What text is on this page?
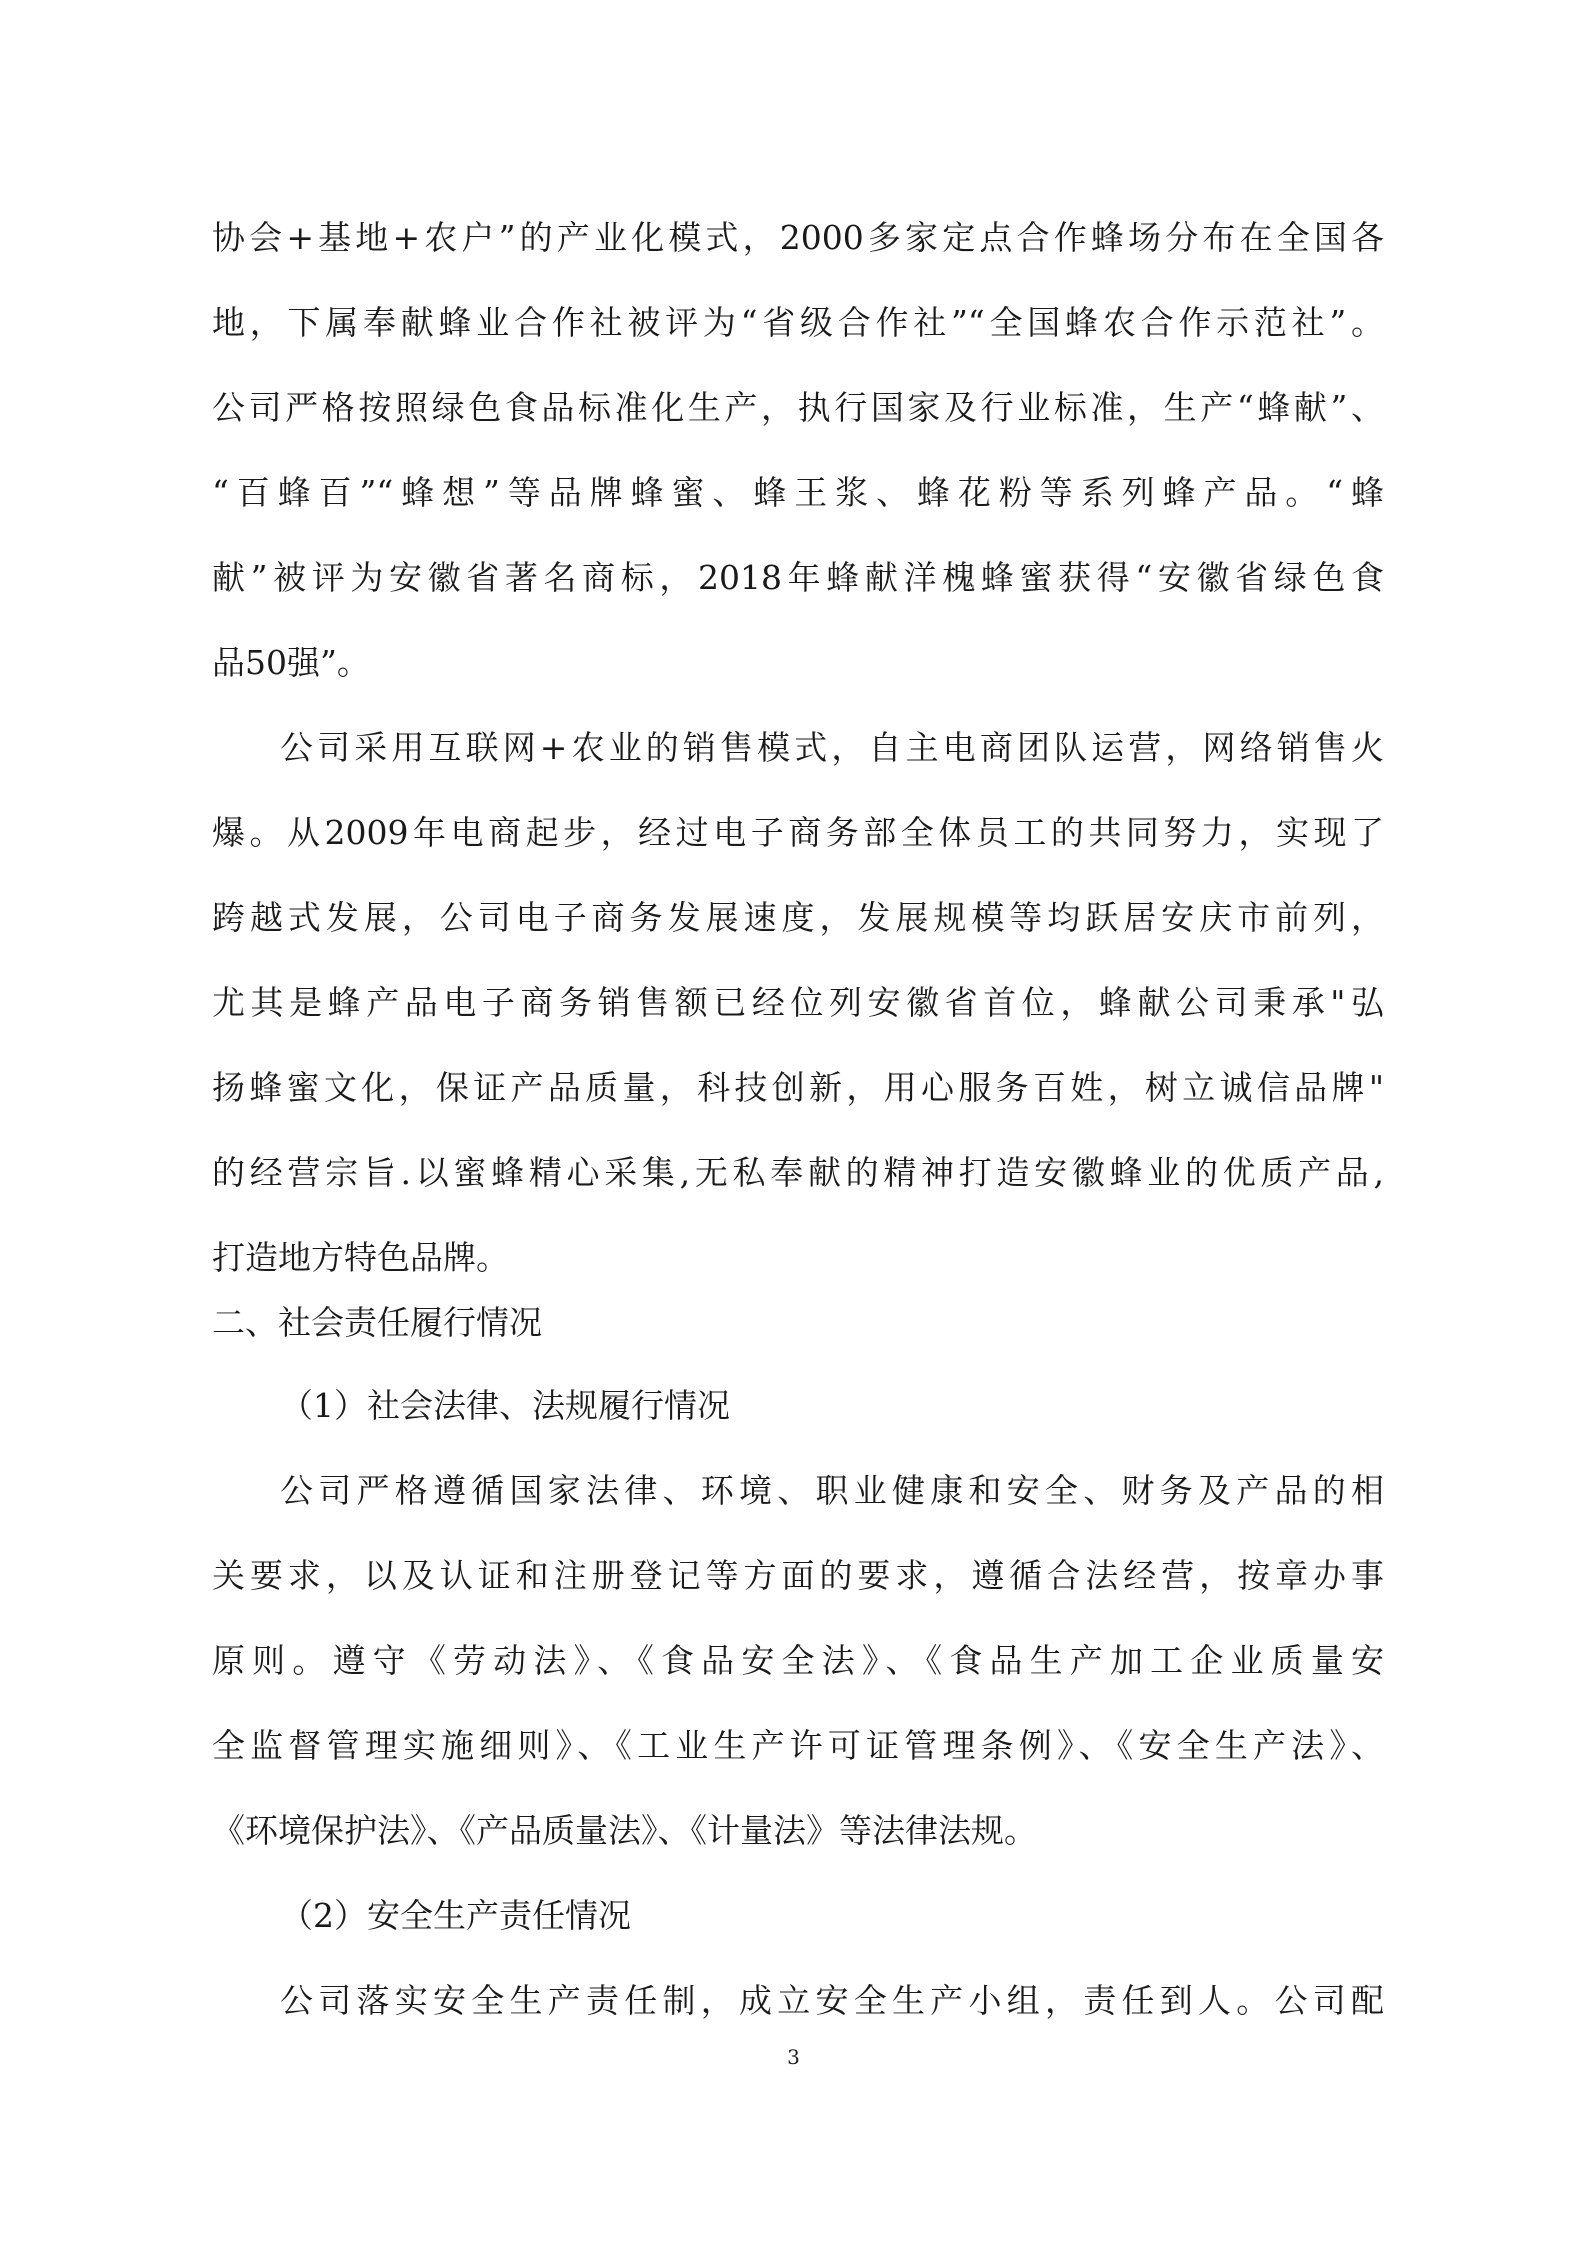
协会+基地+农户”的产业化模式，2000多家定点合作蜂场分布在全国各
地，下属奉献蜂业合作社被评为“省级合作社”“全国蜂农合作示范社”。
公司严格按照绿色食品标准化生产，执行国家及行业标准，生产“蜂献”、
“百蜂百”“蜂想”等品牌蜂蜜、蜂王浆、蜂花粉等系列蜂产品。“蜂
献”被评为安徽省著名商标，2018年蜂献洋槐蜂蜜获得“安徽省绿色食
品50强”。
公司采用互联网+农业的销售模式，自主电商团队运营，网络销售火
爆。从2009年电商起步，经过电子商务部全体员工的共同努力，实现了
跨越式发展，公司电子商务发展速度，发展规模等均跃居安庆市前列，
尤其是蜂产品电子商务销售额已经位列安徽省首位，蜂献公司秉承"弘
扬蜂蜜文化，保证产品质量，科技创新，用心服务百姓，树立诚信品牌"
的经营宗旨.以蜜蜂精心采集,无私奉献的精神打造安徽蜂业的优质产品,
打造地方特色品牌。
二、社会责任履行情况
（1）社会法律、法规履行情况
公司严格遵循国家法律、环境、职业健康和安全、财务及产品的相
关要求，以及认证和注册登记等方面的要求，遵循合法经营，按章办事
原则。遵守《劳动法》、《食品安全法》、《食品生产加工企业质量安
全监督管理实施细则》、《工业生产许可证管理条例》、《安全生产法》、
《环境保护法》、《产品质量法》、《计量法》等法律法规。
（2）安全生产责任情况
公司落实安全生产责任制，成立安全生产小组，责任到人。公司配
3
